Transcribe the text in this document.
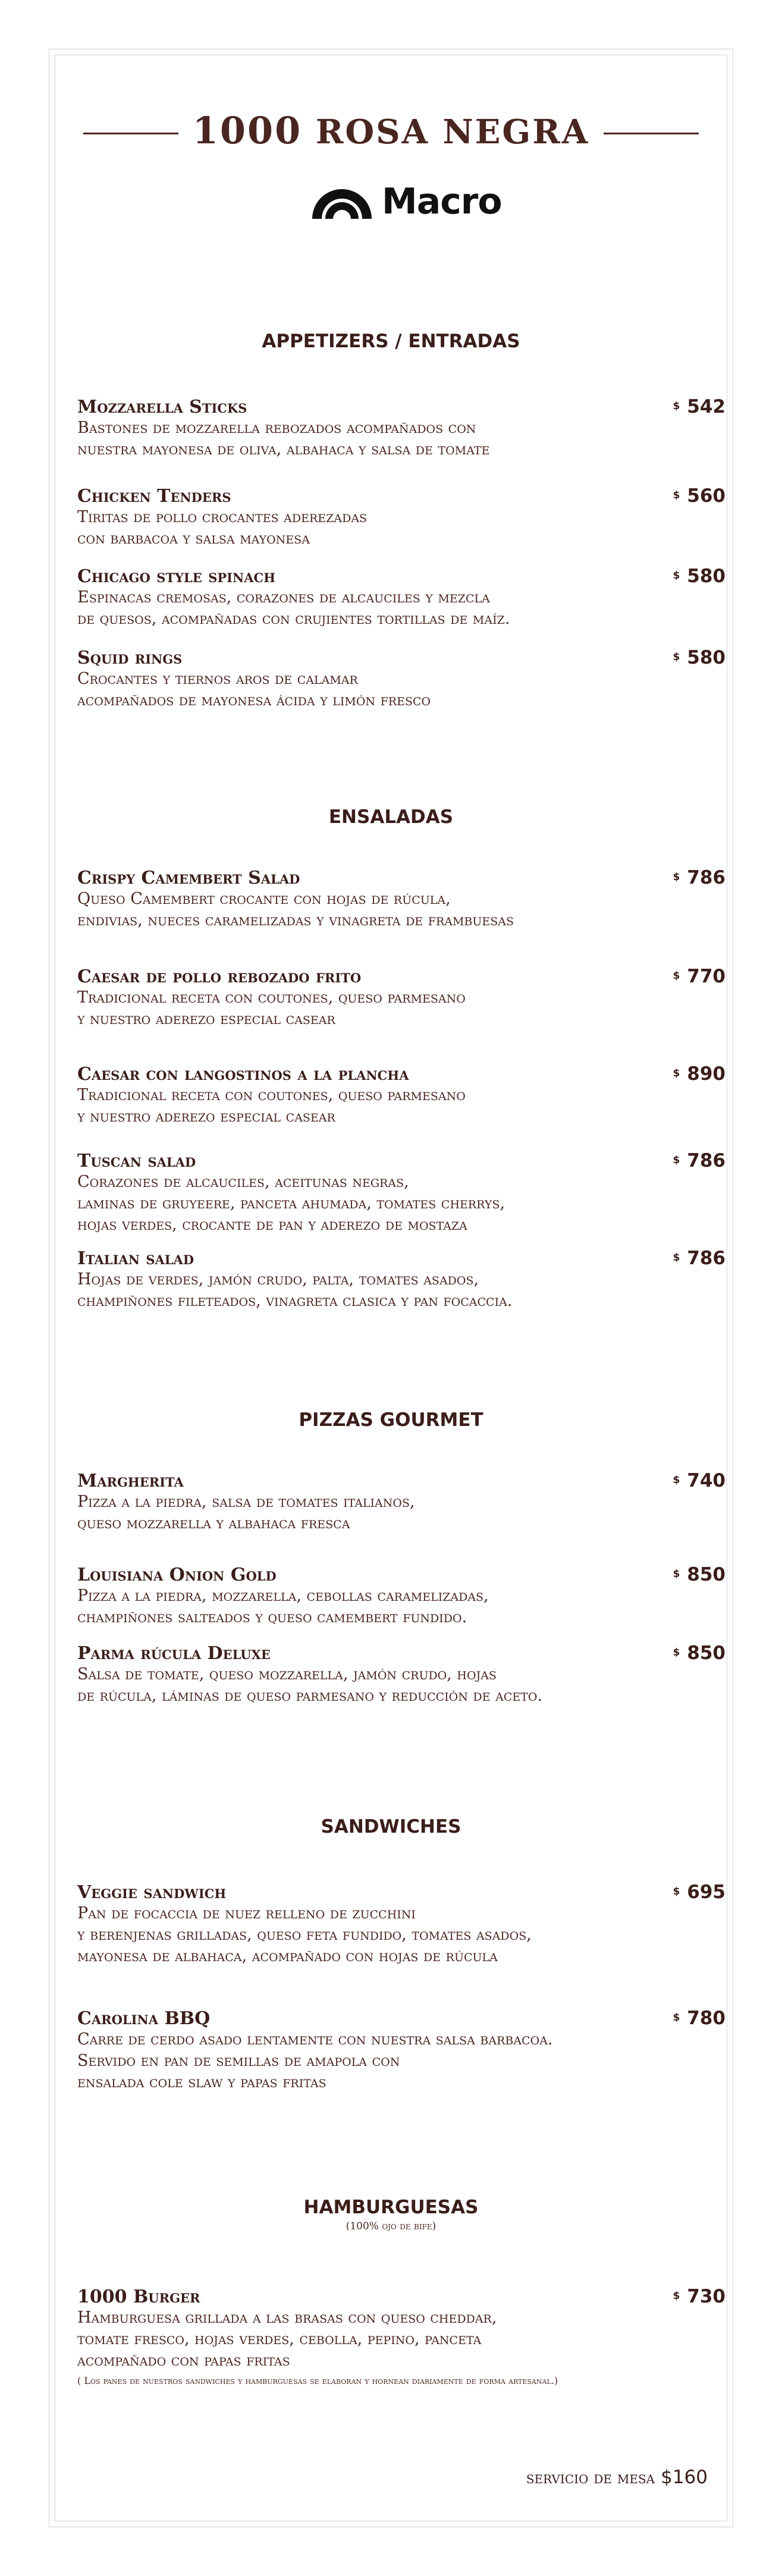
1000 ROSA NEGRA
Macro
APPETIZERS / ENTRADAS
Mozzarella Sticks
Bastones de mozzarella rebozados acompañados con
nuestra mayonesa de oliva, albahaca y salsa de tomate
$ 542
Chicken Tenders
Tiritas de pollo crocantes aderezadas
con barbacoa y salsa mayonesa
$ 560
Chicago style spinach
Espinacas cremosas, corazones de alcauciles y mezcla
de quesos, acompañadas con crujientes tortillas de maíz.
$ 580
Squid rings
Crocantes y tiernos aros de calamar
acompañados de mayonesa ácida y limón fresco
$ 580
ENSALADAS
Crispy Camembert Salad
Queso Camembert crocante con hojas de rúcula,
endivias, nueces caramelizadas y vinagreta de frambuesas
$ 786
Caesar de pollo rebozado frito
Tradicional receta con coutones, queso parmesano
y nuestro aderezo especial casear
$ 770
Caesar con langostinos a la plancha
Tradicional receta con coutones, queso parmesano
y nuestro aderezo especial casear
$ 890
Tuscan salad
Corazones de alcauciles, aceitunas negras,
laminas de gruyeere, panceta ahumada, tomates cherrys,
hojas verdes, crocante de pan y aderezo de mostaza
$ 786
Italian salad
Hojas de verdes, jamón crudo, palta, tomates asados,
champiñones fileteados, vinagreta clasica y pan focaccia.
$ 786
PIZZAS GOURMET
Margherita
Pizza a la piedra, salsa de tomates italianos,
queso mozzarella y albahaca fresca
$ 740
Louisiana Onion Gold
Pizza a la piedra, mozzarella, cebollas caramelizadas,
champiñones salteados y queso camembert fundido.
$ 850
Parma rúcula Deluxe
Salsa de tomate, queso mozzarella, jamón crudo, hojas
de rúcula, láminas de queso parmesano y reducción de aceto.
$ 850
SANDWICHES
Veggie sandwich
Pan de focaccia de nuez relleno de zucchini
y berenjenas grilladas, queso feta fundido, tomates asados,
mayonesa de albahaca, acompañado con hojas de rúcula
$ 695
Carolina BBQ
Carre de cerdo asado lentamente con nuestra salsa barbacoa.
Servido en pan de semillas de amapola con
ensalada cole slaw y papas fritas
$ 780
HAMBURGUESAS
(100% ojo de bife)
1000 Burger
Hamburguesa grillada a las brasas con queso cheddar,
tomate fresco, hojas verdes, cebolla, pepino, panceta
acompañado con papas fritas
$ 730
( Los panes de nuestros sandwiches y hamburguesas se elaboran y hornean diariamente de forma artesanal.)
servicio de mesa $160
